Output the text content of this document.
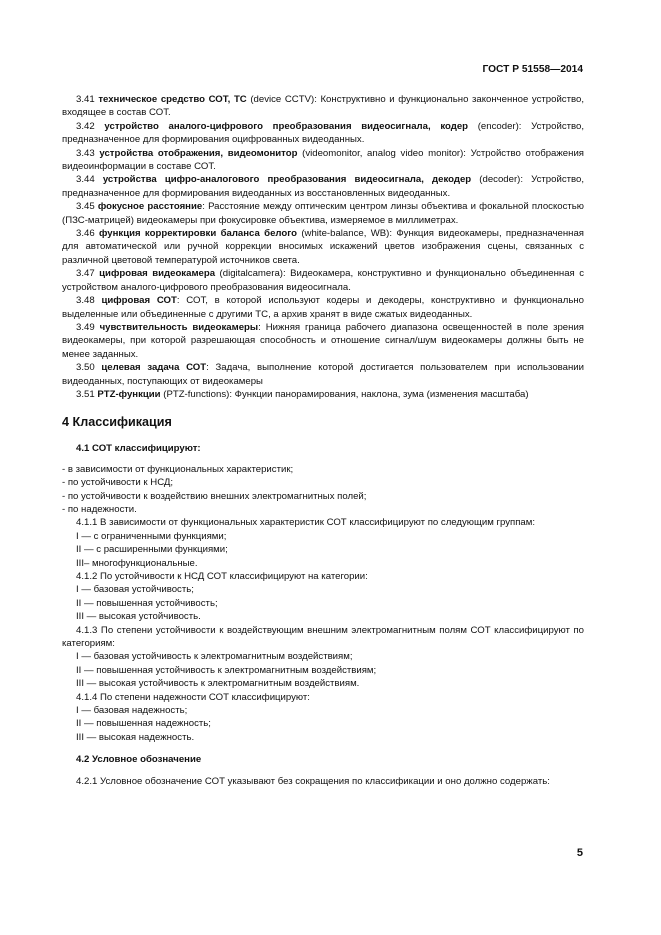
ГОСТ Р 51558—2014

3.41 техническое средство СОТ, ТС (device CCTV): Конструктивно и функционально законченное устройство, входящее в состав СОТ.

3.42 устройство аналого-цифрового преобразования видеосигнала, кодер (encoder): Устройство, предназначенное для формирования оцифрованных видеоданных.

3.43 устройства отображения, видеомонитор (videomonitor, analog video monitor): Устройство отображения видеоинформации в составе СОТ.

3.44 устройства цифро-аналогового преобразования видеосигнала, декодер (decoder): Устройство, предназначенное для формирования видеоданных из восстановленных видеоданных.

3.45 фокусное расстояние: Расстояние между оптическим центром линзы объектива и фокальной плоскостью (ПЗС-матрицей) видеокамеры при фокусировке объектива, измеряемое в миллиметрах.

3.46 функция корректировки баланса белого (white-balance, WB): Функция видеокамеры, предназначенная для автоматической или ручной коррекции вносимых искажений цветов изображения сцены, связанных с различной цветовой температурой источников света.

3.47 цифровая видеокамера (digitalcamera): Видеокамера, конструктивно и функционально объединенная с устройством аналого-цифрового преобразования видеосигнала.

3.48 цифровая СОТ: СОТ, в которой используют кодеры и декодеры, конструктивно и функционально выделенные или объединенные с другими ТС, а архив хранят в виде сжатых видеоданных.

3.49 чувствительность видеокамеры: Нижняя граница рабочего диапазона освещенностей в поле зрения видеокамеры, при которой разрешающая способность и отношение сигнал/шум видеокамеры должны быть не менее заданных.

3.50 целевая задача СОТ: Задача, выполнение которой достигается пользователем при использовании видеоданных, поступающих от видеокамеры

3.51 PTZ-функции (PTZ-functions): Функции панорамирования, наклона, зума (изменения масштаба)

4 Классификация

4.1 СОТ классифицируют:

- в зависимости от функциональных характеристик;

- по устойчивости к НСД;

- по устойчивости к воздействию внешних электромагнитных полей;

- по надежности.

4.1.1 В зависимости от функциональных характеристик СОТ классифицируют по следующим группам:

I — с ограниченными функциями;

II — с расширенными функциями;

III– многофункциональные.

4.1.2 По устойчивости к НСД СОТ классифицируют на категории:

I — базовая устойчивость;

II — повышенная устойчивость;

III — высокая устойчивость.

4.1.3 По степени устойчивости к воздействующим внешним электромагнитным полям СОТ классифицируют по категориям:

I — базовая устойчивость к электромагнитным воздействиям;

II — повышенная устойчивость к электромагнитным воздействиям;

III — высокая устойчивость к электромагнитным воздействиям.

4.1.4 По степени надежности СОТ классифицируют:

I — базовая надежность;

II — повышенная надежность;

III — высокая надежность.

4.2 Условное обозначение

4.2.1 Условное обозначение СОТ указывают без сокращения по классификации и оно должно содержать:

5
